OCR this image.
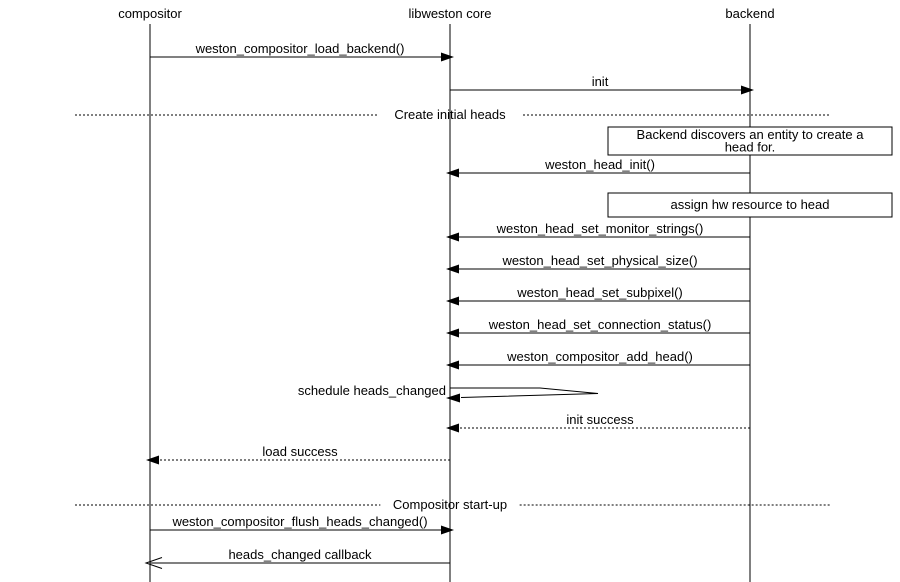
compositor	libweston core	backend
weston_compositor_load_backend()
init
Create initial heads
Backend discovers an entity to create a
head for.
weston_head_init()
assign hw resource to head
weston_head_set_monitor_strings()
weston_head_set_physical_size()
weston_head_set_subpixel()
weston_head_set_connection_status()
weston_compositor_add_head()
schedule heads_changed
init success
load success
Compositor start-up
weston_compositor_flush_heads_changed()
heads_changed callback
